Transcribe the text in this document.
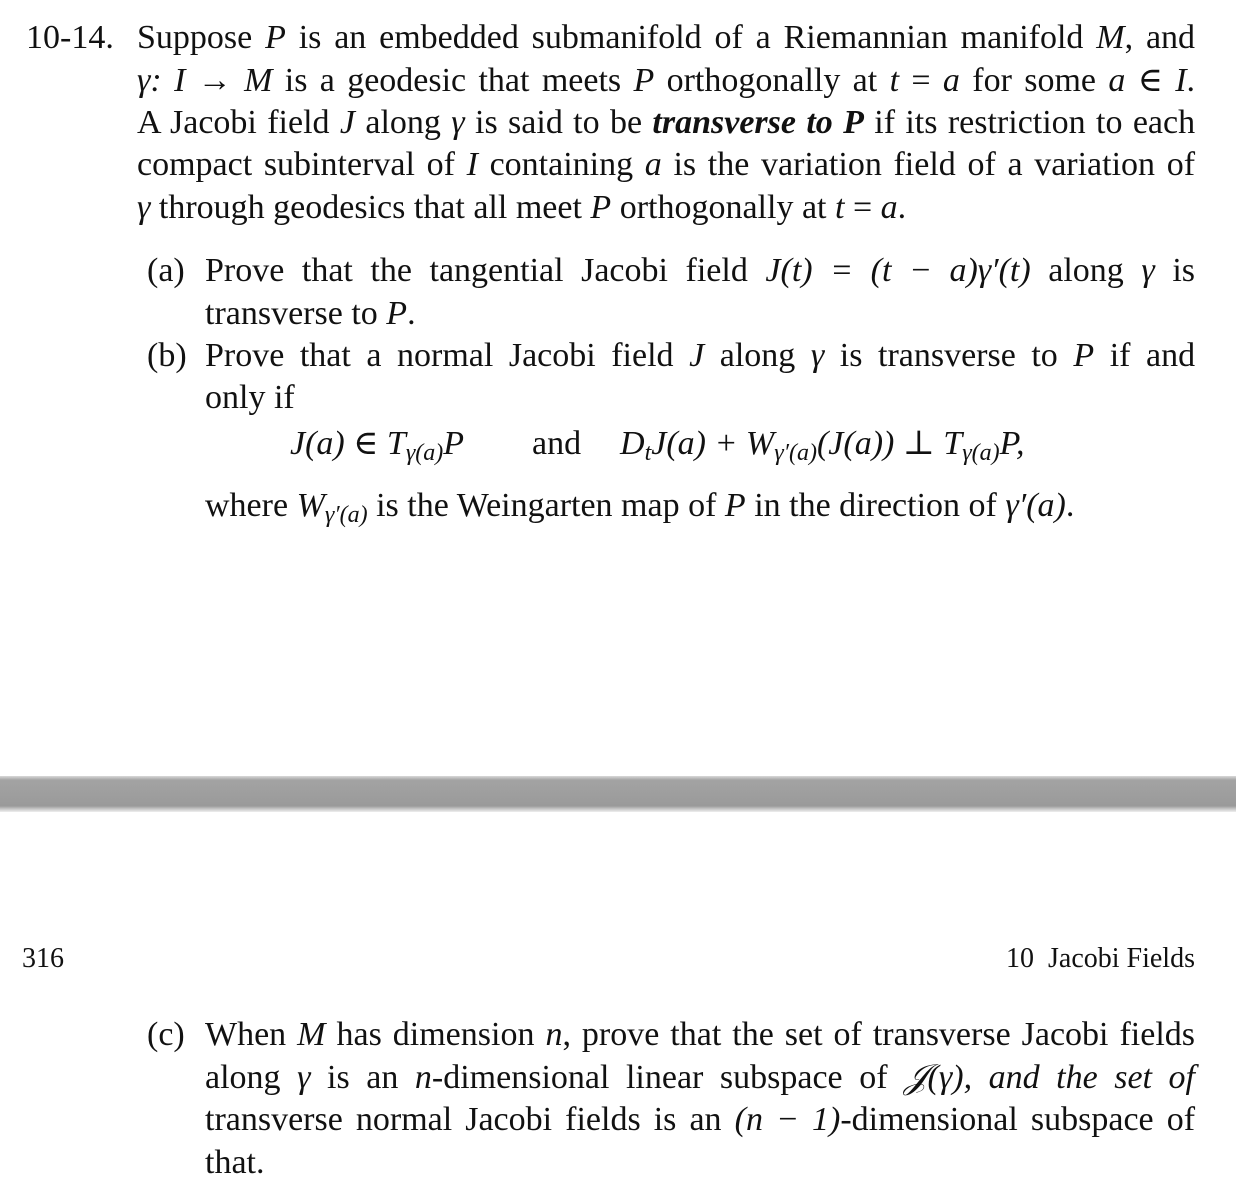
10-14. Suppose P is an embedded submanifold of a Riemannian manifold M, and
γ: I → M is a geodesic that meets P orthogonally at t = a for some a ∈ I.
A Jacobi field J along γ is said to be transverse to P if its restriction to each
compact subinterval of I containing a is the variation field of a variation of
γ through geodesics that all meet P orthogonally at t = a.
(a) Prove that the tangential Jacobi field J(t) = (t − a)γ′(t) along γ is
transverse to P.
(b) Prove that a normal Jacobi field J along γ is transverse to P if and
only if
J(a) ∈ $T_{\gamma(a)}P$ and $D_tJ(a) + W_{\gamma'(a)}(J(a))$ ⊥ $T_{\gamma(a)}P$,
where $W_{\gamma'(a)}$ is the Weingarten map of P in the direction of γ′(a).
316	10 Jacobi Fields
(c) When M has dimension n, prove that the set of transverse Jacobi fields
along γ is an n-dimensional linear subspace of 𝒥(γ), and the set of
transverse normal Jacobi fields is an (n − 1)-dimensional subspace of
that.
